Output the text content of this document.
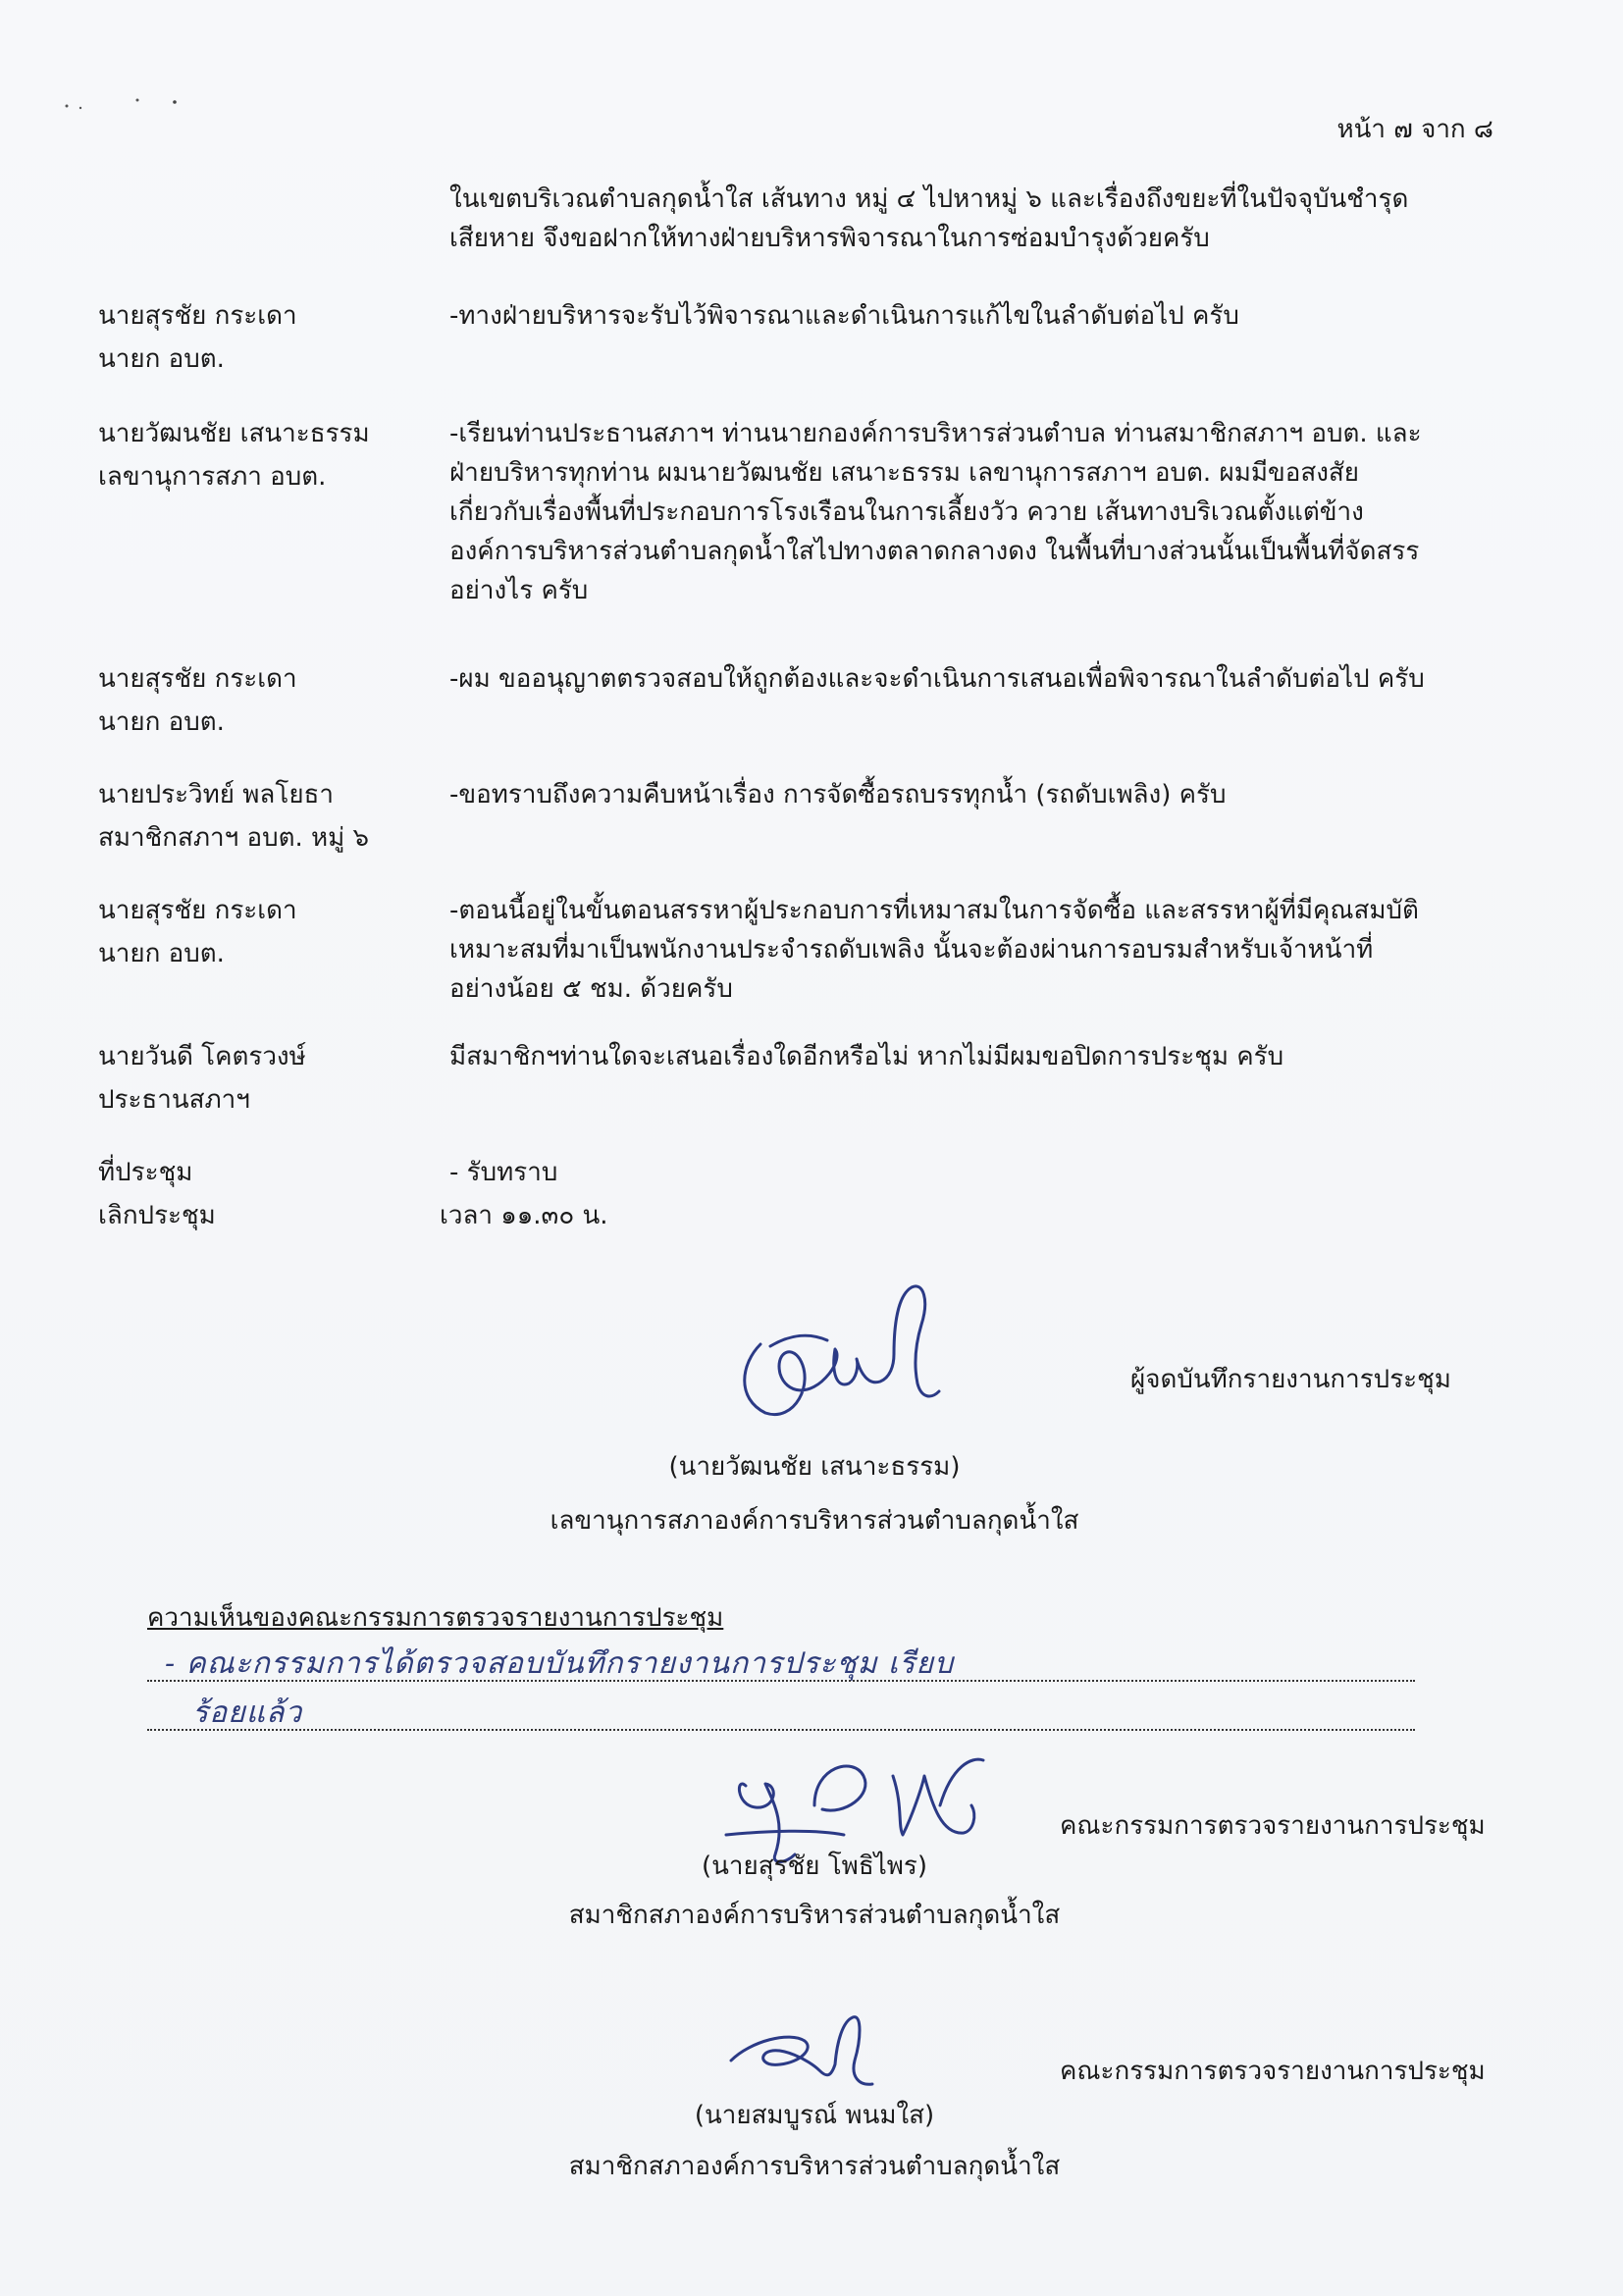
หน้า ๗ จาก ๘
ในเขตบริเวณตำบลกุดน้ำใส เส้นทาง หมู่ ๔ ไปหาหมู่ ๖ และเรื่องถึงขยะที่ในปัจจุบันชำรุด
เสียหาย จึงขอฝากให้ทางฝ่ายบริหารพิจารณาในการซ่อมบำรุงด้วยครับ
นายสุรชัย กระเดา
นายก อบต.
-ทางฝ่ายบริหารจะรับไว้พิจารณาและดำเนินการแก้ไขในลำดับต่อไป ครับ
นายวัฒนชัย เสนาะธรรม
เลขานุการสภา อบต.
-เรียนท่านประธานสภาฯ ท่านนายกองค์การบริหารส่วนตำบล ท่านสมาชิกสภาฯ อบต. และ
ฝ่ายบริหารทุกท่าน ผมนายวัฒนชัย เสนาะธรรม เลขานุการสภาฯ อบต. ผมมีขอสงสัย
เกี่ยวกับเรื่องพื้นที่ประกอบการโรงเรือนในการเลี้ยงวัว ควาย เส้นทางบริเวณตั้งแต่ข้าง
องค์การบริหารส่วนตำบลกุดน้ำใสไปทางตลาดกลางดง ในพื้นที่บางส่วนนั้นเป็นพื้นที่จัดสรร
อย่างไร ครับ
นายสุรชัย กระเดา
นายก อบต.
-ผม ขออนุญาตตรวจสอบให้ถูกต้องและจะดำเนินการเสนอเพื่อพิจารณาในลำดับต่อไป ครับ
นายประวิทย์ พลโยธา
สมาชิกสภาฯ อบต. หมู่ ๖
-ขอทราบถึงความคืบหน้าเรื่อง การจัดซื้อรถบรรทุกน้ำ (รถดับเพลิง) ครับ
นายสุรชัย กระเดา
นายก อบต.
-ตอนนี้อยู่ในขั้นตอนสรรหาผู้ประกอบการที่เหมาสมในการจัดซื้อ และสรรหาผู้ที่มีคุณสมบัติ
เหมาะสมที่มาเป็นพนักงานประจำรถดับเพลิง นั้นจะต้องผ่านการอบรมสำหรับเจ้าหน้าที่
อย่างน้อย ๕ ชม. ด้วยครับ
นายวันดี โคตรวงษ์
ประธานสภาฯ
มีสมาชิกฯท่านใดจะเสนอเรื่องใดอีกหรือไม่ หากไม่มีผมขอปิดการประชุม ครับ
ที่ประชุม
เลิกประชุม
- รับทราบ
เวลา ๑๑.๓๐ น.
ผู้จดบันทึกรายงานการประชุม
(นายวัฒนชัย เสนาะธรรม)
เลขานุการสภาองค์การบริหารส่วนตำบลกุดน้ำใส
ความเห็นของคณะกรรมการตรวจรายงานการประชุม
- คณะกรรมการได้ตรวจสอบบันทึกรายงานการประชุม เรียบ
ร้อยแล้ว
คณะกรรมการตรวจรายงานการประชุม
(นายสุรชัย โพธิไพร)
สมาชิกสภาองค์การบริหารส่วนตำบลกุดน้ำใส
คณะกรรมการตรวจรายงานการประชุม
(นายสมบูรณ์ พนมใส)
สมาชิกสภาองค์การบริหารส่วนตำบลกุดน้ำใส
